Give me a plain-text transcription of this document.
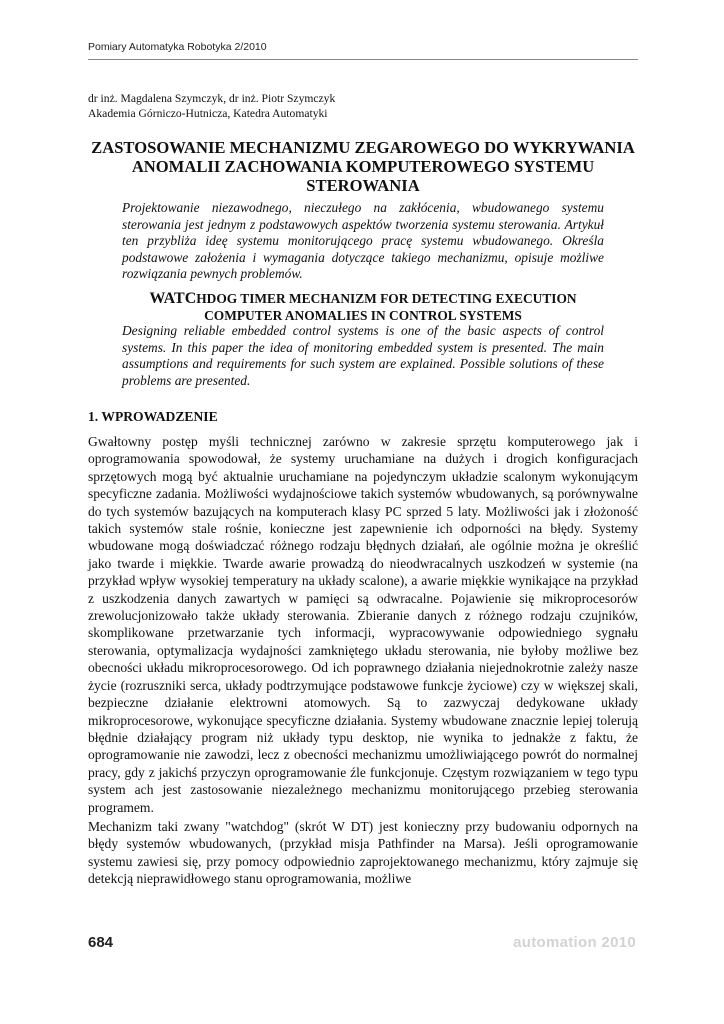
Pomiary Automatyka Robotyka 2/2010
dr inż. Magdalena Szymczyk, dr inż. Piotr Szymczyk
Akademia Górniczo-Hutnicza, Katedra Automatyki
ZASTOSOWANIE MECHANIZMU ZEGAROWEGO DO WYKRYWANIA ANOMALII ZACHOWANIA KOMPUTEROWEGO SYSTEMU STEROWANIA
Projektowanie niezawodnego, nieczułego na zakłócenia, wbudowanego systemu sterowania jest jednym z podstawowych aspektów tworzenia systemu sterowania. Artykuł ten przybliża ideę systemu monitorującego pracę systemu wbudowanego. Określa podstawowe założenia i wymagania dotyczące takiego mechanizmu, opisuje możliwe rozwiązania pewnych problemów.
WATCHDOG TIMER MECHANIZM FOR DETECTING EXECUTION
COMPUTER ANOMALIES IN CONTROL SYSTEMS
Designing reliable embedded control systems is one of the basic aspects of control systems. In this paper the idea of monitoring embedded system is presented. The main assumptions and requirements for such system are explained. Possible solutions of these problems are presented.
1. WPROWADZENIE

Gwałtowny postęp myśli technicznej zarówno w zakresie sprzętu komputerowego jak i oprogramowania spowodował, że systemy uruchamiane na dużych i drogich konfiguracjach sprzętowych mogą być aktualnie uruchamiane na pojedynczym układzie scalonym wykonującym specyficzne zadania. Możliwości wydajnościowe takich systemów wbudowanych, są porównywalne do tych systemów bazujących na komputerach klasy PC sprzed 5 laty. Możliwości jak i złożoność takich systemów stale rośnie, konieczne jest zapewnienie ich odporności na błędy. Systemy wbudowane mogą doświadczać różnego rodzaju błędnych działań, ale ogólnie można je określić jako twarde i miękkie. Twarde awarie prowadzą do nieodwracalnych uszkodzeń w systemie (na przykład wpływ wysokiej temperatury na układy scalone), a awarie miękkie wynikające na przykład z uszkodzenia danych zawartych w pamięci są odwracalne. Pojawienie się mikroprocesorów zrewolucjonizowało także układy sterowania. Zbieranie danych z różnego rodzaju czujników, skomplikowane przetwarzanie tych informacji, wypracowywanie odpowiedniego sygnału sterowania, optymalizacja wydajności zamkniętego układu sterowania, nie byłoby możliwe bez obecności układu mikroprocesorowego. Od ich poprawnego działania niejednokrotnie zależy nasze życie (rozruszniki serca, układy podtrzymujące podstawowe funkcje życiowe) czy w większej skali, bezpieczne działanie elektrowni atomowych. Są to zazwyczaj dedykowane układy mikroprocesorowe, wykonujące specyficzne działania. Systemy wbudowane znacznie lepiej tolerują błędnie działający program niż układy typu desktop, nie wynika to jednakże z faktu, że oprogramowanie nie zawodzi, lecz z obecności mechanizmu umożliwiającego powrót do normalnej pracy, gdy z jakichś przyczyn oprogramowanie źle funkcjonuje. Częstym rozwiązaniem w tego typu system ach jest zastosowanie niezależnego mechanizmu monitorującego przebieg sterowania programem.

Mechanizm taki zwany "watchdog" (skrót W DT) jest konieczny przy budowaniu odpornych na błędy systemów wbudowanych, (przykład misja Pathfinder na Marsa). Jeśli oprogramowanie systemu zawiesi się, przy pomocy odpowiednio zaprojektowanego mechanizmu, który zajmuje się detekcją nieprawidłowego stanu oprogramowania, możliwe

684	automation 2010
